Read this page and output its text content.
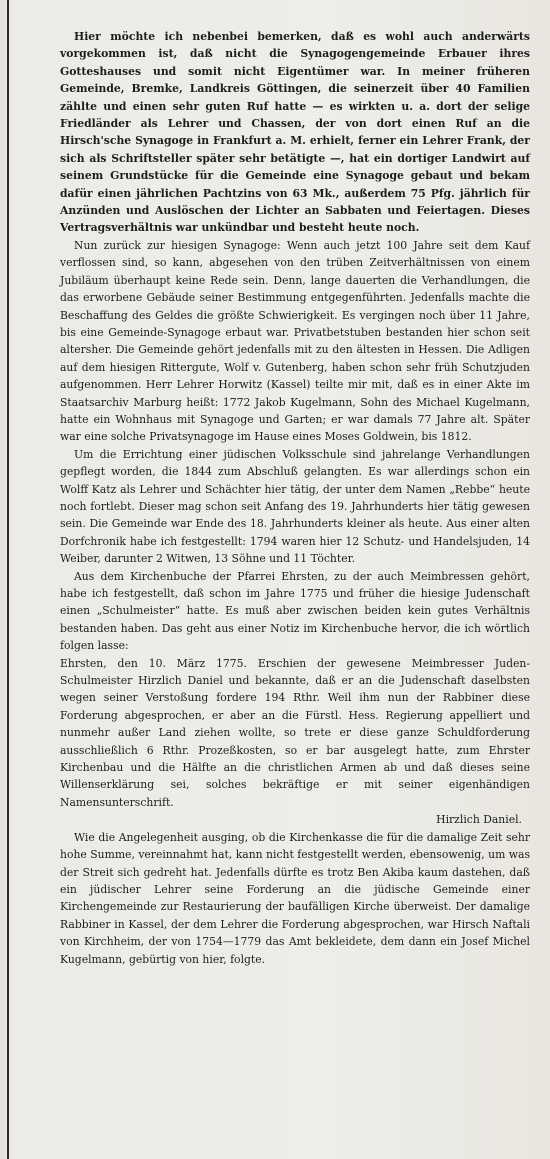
Hier möchte ich nebenbei bemerken, daß es wohl auch anderwärts vorgekommen ist, daß nicht die Synagogengemeinde Erbauer ihres Gotteshauses und somit nicht Eigentümer war. In meiner früheren Gemeinde, Bremke, Landkreis Göttingen, die seinerzeit über 40 Familien zählte und einen sehr guten Ruf hatte — es wirkten u. a. dort der selige Friedländer als Lehrer und Chassen, der von dort einen Ruf an die Hirsch'sche Synagoge in Frankfurt a. M. erhielt, ferner ein Lehrer Frank, der sich als Schriftsteller später sehr betätigte —, hat ein dortiger Landwirt auf seinem Grundstücke für die Gemeinde eine Synagoge gebaut und bekam dafür einen jährlichen Pachtzins von 63 Mk., außerdem 75 Pfg. jährlich für Anzünden und Auslöschen der Lichter an Sabbaten und Feiertagen. Dieses Vertragsverhältnis war unkündbar und besteht heute noch.

Nun zurück zur hiesigen Synagoge: Wenn auch jetzt 100 Jahre seit dem Kauf verflossen sind, so kann, abgesehen von den trüben Zeitverhältnissen von einem Jubiläum überhaupt keine Rede sein. Denn, lange dauerten die Verhandlungen, die das erworbene Gebäude seiner Bestimmung entgegenführten. Jedenfalls machte die Beschaffung des Geldes die größte Schwierigkeit. Es vergingen noch über 11 Jahre, bis eine Gemeinde-Synagoge erbaut war. Privatbetstuben bestanden hier schon seit altersher. Die Gemeinde gehört jedenfalls mit zu den ältesten in Hessen. Die Adligen auf dem hiesigen Rittergute, Wolf v. Gutenberg, haben schon sehr früh Schutzjuden aufgenommen. Herr Lehrer Horwitz (Kassel) teilte mir mit, daß es in einer Akte im Staatsarchiv Marburg heißt: 1772 Jakob Kugelmann, Sohn des Michael Kugelmann, hatte ein Wohnhaus mit Synagoge und Garten; er war damals 77 Jahre alt. Später war eine solche Privatsynagoge im Hause eines Moses Goldwein, bis 1812.

Um die Errichtung einer jüdischen Volksschule sind jahrelange Verhandlungen gepflegt worden, die 1844 zum Abschluß gelangten. Es war allerdings schon ein Wolff Katz als Lehrer und Schächter hier tätig, der unter dem Namen „Rebbe“ heute noch fortlebt. Dieser mag schon seit Anfang des 19. Jahrhunderts hier tätig gewesen sein. Die Gemeinde war Ende des 18. Jahrhunderts kleiner als heute. Aus einer alten Dorfchronik habe ich festgestellt: 1794 waren hier 12 Schutz- und Handelsjuden, 14 Weiber, darunter 2 Witwen, 13 Söhne und 11 Töchter.

Aus dem Kirchenbuche der Pfarrei Ehrsten, zu der auch Meimbressen gehört, habe ich festgestellt, daß schon im Jahre 1775 und früher die hiesige Judenschaft einen „Schulmeister“ hatte. Es muß aber zwischen beiden kein gutes Verhältnis bestanden haben. Das geht aus einer Notiz im Kirchenbuche hervor, die ich wörtlich folgen lasse:

Ehrsten, den 10. März 1775. Erschien der gewesene Meimbresser Juden-Schulmeister Hirzlich Daniel und bekannte, daß er an die Judenschaft daselbsten wegen seiner Verstoßung fordere 194 Rthr. Weil ihm nun der Rabbiner diese Forderung abgesprochen, er aber an die Fürstl. Hess. Regierung appelliert und nunmehr außer Land ziehen wollte, so trete er diese ganze Schuldforderung ausschließlich 6 Rthr. Prozeßkosten, so er bar ausgelegt hatte, zum Ehrster Kirchenbau und die Hälfte an die christlichen Armen ab und daß dieses seine Willenserklärung sei, solches bekräftige er mit seiner eigenhändigen Namensunterschrift.
Hirzlich Daniel.

Wie die Angelegenheit ausging, ob die Kirchenkasse die für die damalige Zeit sehr hohe Summe, vereinnahmt hat, kann nicht festgestellt werden, ebensowenig, um was der Streit sich gedreht hat. Jedenfalls dürfte es trotz Ben Akiba kaum dastehen, daß ein jüdischer Lehrer seine Forderung an die jüdische Gemeinde einer Kirchengemeinde zur Restaurierung der baufälligen Kirche überweist. Der damalige Rabbiner in Kassel, der dem Lehrer die Forderung abgesprochen, war Hirsch Naftali von Kirchheim, der von 1754—1779 das Amt bekleidete, dem dann ein Josef Michel Kugelmann, gebürtig von hier, folgte.
